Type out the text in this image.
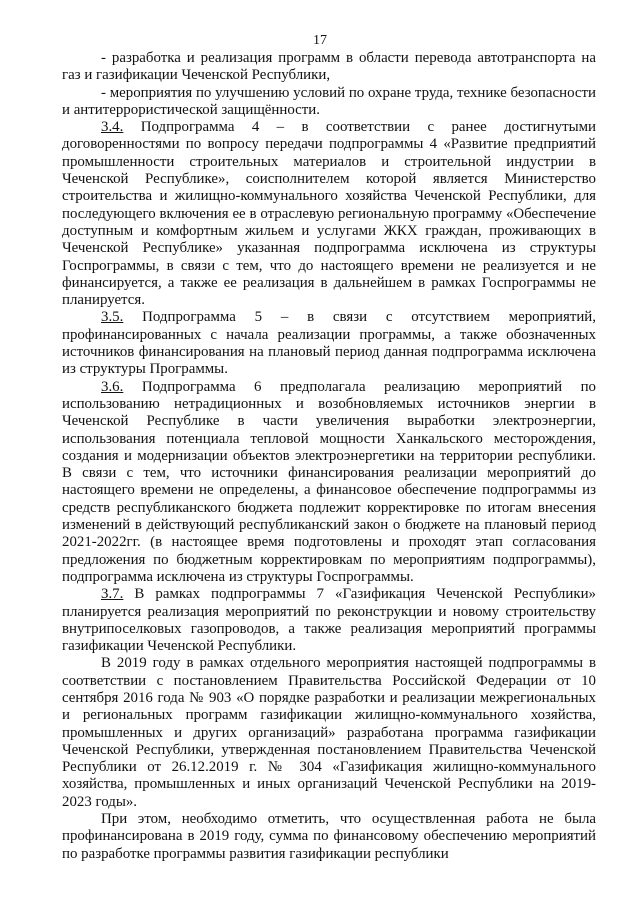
17

- разработка и реализация программ в области перевода автотранспорта на газ и газификации Чеченской Республики,

- мероприятия по улучшению условий по охране труда, технике безопасности и антитеррористической защищённости.

3.4. Подпрограмма 4 – в соответствии с ранее достигнутыми договоренностями по вопросу передачи подпрограммы 4 «Развитие предприятий промышленности строительных материалов и строительной индустрии в Чеченской Республике», соисполнителем которой является Министерство строительства и жилищно-коммунального хозяйства Чеченской Республики, для последующего включения ее в отраслевую региональную программу «Обеспечение доступным и комфортным жильем и услугами ЖКХ граждан, проживающих в Чеченской Республике» указанная подпрограмма исключена из структуры Госпрограммы, в связи с тем, что до настоящего времени не реализуется и не финансируется, а также ее реализация в дальнейшем в рамках Госпрограммы не планируется.

3.5. Подпрограмма 5 – в связи с отсутствием мероприятий, профинансированных с начала реализации программы, а также обозначенных источников финансирования на плановый период данная подпрограмма исключена из структуры Программы.

3.6. Подпрограмма 6 предполагала реализацию мероприятий по использованию нетрадиционных и возобновляемых источников энергии в Чеченской Республике в части увеличения выработки электроэнергии, использования потенциала тепловой мощности Ханкальского месторождения, создания и модернизации объектов электроэнергетики на территории республики. В связи с тем, что источники финансирования реализации мероприятий до настоящего времени не определены, а финансовое обеспечение подпрограммы из средств республиканского бюджета подлежит корректировке по итогам внесения изменений в действующий республиканский закон о бюджете на плановый период 2021-2022гг. (в настоящее время подготовлены и проходят этап согласования предложения по бюджетным корректировкам по мероприятиям подпрограммы), подпрограмма исключена из структуры Госпрограммы.

3.7. В рамках подпрограммы 7 «Газификация Чеченской Республики» планируется реализация мероприятий по реконструкции и новому строительству внутрипоселковых газопроводов, а также реализация мероприятий программы газификации Чеченской Республики.

В 2019 году в рамках отдельного мероприятия настоящей подпрограммы в соответствии с постановлением Правительства Российской Федерации от 10 сентября 2016 года № 903 «О порядке разработки и реализации межрегиональных и региональных программ газификации жилищно-коммунального хозяйства, промышленных и других организаций» разработана программа газификации Чеченской Республики, утвержденная постановлением Правительства Чеченской Республики от 26.12.2019 г. № 304 «Газификация жилищно-коммунального хозяйства, промышленных и иных организаций Чеченской Республики на 2019-2023 годы».

При этом, необходимо отметить, что осуществленная работа не была профинансирована в 2019 году, сумма по финансовому обеспечению мероприятий по разработке программы развития газификации республики
